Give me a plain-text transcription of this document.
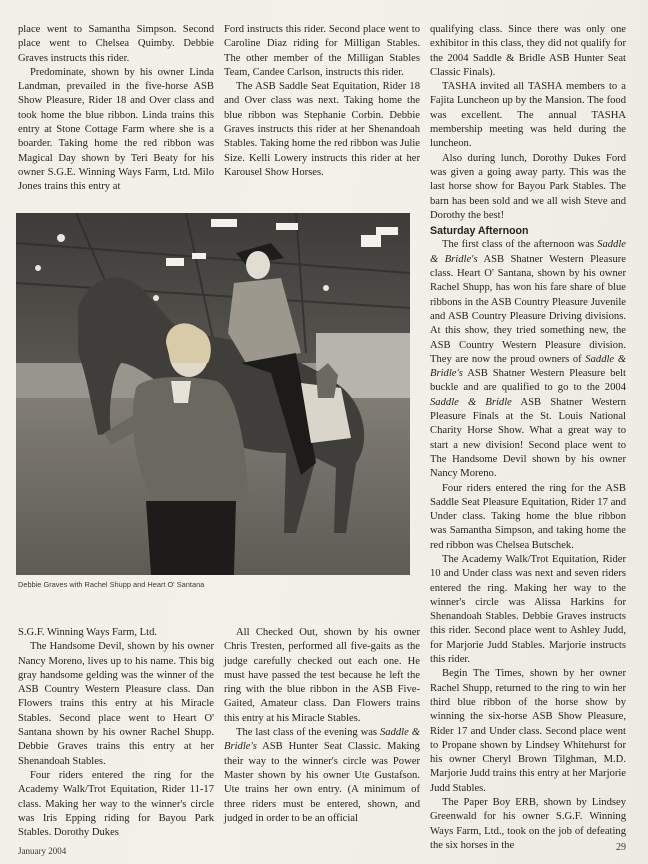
place went to Samantha Simpson. Second place went to Chelsea Quimby. Debbie Graves instructs this rider.

Predominate, shown by his owner Linda Landman, prevailed in the five-horse ASB Show Pleasure, Rider 18 and Over class and took home the blue ribbon. Linda trains this entry at Stone Cottage Farm where she is a boarder. Taking home the red ribbon was Magical Day shown by Teri Beaty for his owner S.G.E. Winning Ways Farm, Ltd. Milo Jones trains this entry at

Ford instructs this rider. Second place went to Caroline Diaz riding for Milligan Stables. The other member of the Milligan Stables Team, Candee Carlson, instructs this rider.

The ASB Saddle Seat Equitation, Rider 18 and Over class was next. Taking home the blue ribbon was Stephanie Corbin. Debbie Graves instructs this rider at her Shenandoah Stables. Taking home the red ribbon was Julie Size. Kelli Lowery instructs this rider at her Karousel Show Horses.

qualifying class. Since there was only one exhibitor in this class, they did not qualify for the 2004 Saddle & Bridle ASB Hunter Seat Classic Finals).

TASHA invited all TASHA members to a Fajita Luncheon up by the Mansion. The food was excellent. The annual TASHA membership meeting was held during the luncheon.

Also during lunch, Dorothy Dukes Ford was given a going away party. This was the last horse show for Bayou Park Stables. The barn has been sold and we all wish Steve and Dorothy the best!

Saturday Afternoon

The first class of the afternoon was Saddle & Bridle's ASB Shatner Western Pleasure class. Heart O' Santana, shown by his owner Rachel Shupp, has won his fare share of blue ribbons in the ASB Country Pleasure Juvenile and ASB Country Pleasure Driving divisions. At this show, they tried something new, the ASB Country Western Pleasure division. They are now the proud owners of Saddle & Bridle's ASB Shatner Western Pleasure belt buckle and are qualified to go to the 2004 Saddle & Bridle ASB Shatner Western Pleasure Finals at the St. Louis National Charity Horse Show. What a great way to start a new division! Second place went to The Handsome Devil shown by his owner Nancy Moreno.

Four riders entered the ring for the ASB Saddle Seat Pleasure Equitation, Rider 17 and Under class. Taking home the blue ribbon was Samantha Simpson, and taking home the red ribbon was Chelsea Butschek.

The Academy Walk/Trot Equitation, Rider 10 and Under class was next and seven riders entered the ring. Making her way to the winner's circle was Alissa Harkins for Shenandoah Stables. Debbie Graves instructs this rider. Second place went to Ashley Judd, for Marjorie Judd Stables. Marjorie instructs this rider.

Begin The Times, shown by her owner Rachel Shupp, returned to the ring to win her third blue ribbon of the horse show by winning the six-horse ASB Show Pleasure, Rider 17 and Under class. Second place went to Propane shown by Lindsey Whitehurst for his owner Cheryl Brown Tilghman, M.D. Marjorie Judd trains this entry at her Marjorie Judd Stables.

The Paper Boy ERB, shown by Lindsey Greenwald for his owner S.G.F. Winning Ways Farm, Ltd., took on the job of defeating the six horses in the

Debbie Graves with Rachel Shupp and Heart O' Santana

S.G.F. Winning Ways Farm, Ltd.

The Handsome Devil, shown by his owner Nancy Moreno, lives up to his name. This big gray handsome gelding was the winner of the ASB Country Western Pleasure class. Dan Flowers trains this entry at his Miracle Stables. Second place went to Heart O' Santana shown by his owner Rachel Shupp. Debbie Graves trains this entry at her Shenandoah Stables.

Four riders entered the ring for the Academy Walk/Trot Equitation, Rider 11-17 class. Making her way to the winner's circle was Iris Epping riding for Bayou Park Stables. Dorothy Dukes

All Checked Out, shown by his owner Chris Tresten, performed all five-gaits as the judge carefully checked out each one. He must have passed the test because he left the ring with the blue ribbon in the ASB Five-Gaited, Amateur class. Dan Flowers trains this entry at his Miracle Stables.

The last class of the evening was Saddle & Bridle's ASB Hunter Seat Classic. Making their way to the winner's circle was Power Master shown by his owner Ute Gustafson. Ute trains her own entry. (A minimum of three riders must be entered, shown, and judged in order to be an official

January 2004	29
